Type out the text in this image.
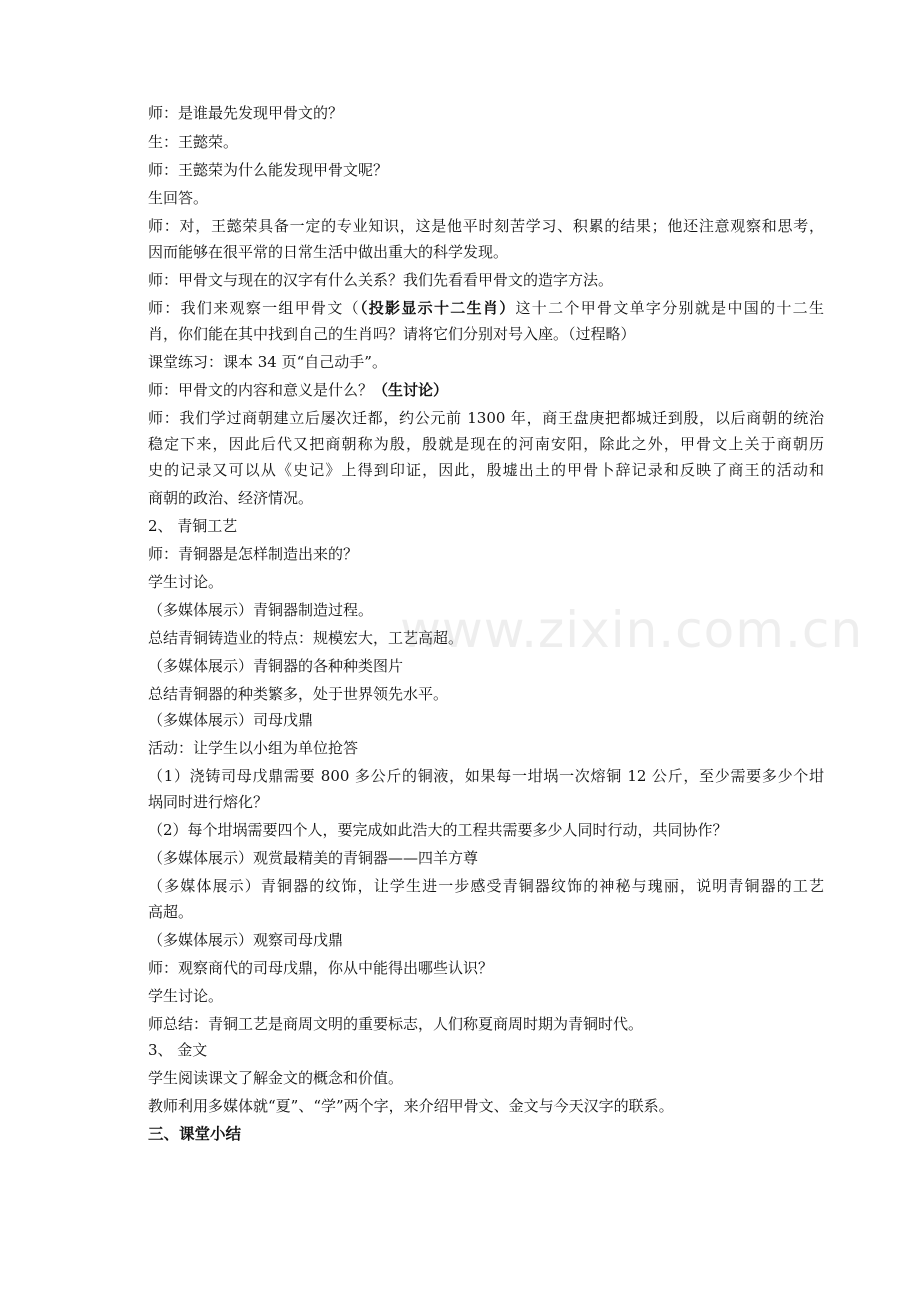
师：是谁最先发现甲骨文的？
生：王懿荣。
师：王懿荣为什么能发现甲骨文呢？
生回答。
师：对，王懿荣具备一定的专业知识，这是他平时刻苦学习、积累的结果；他还注意观察和思考，
因而能够在很平常的日常生活中做出重大的科学发现。
师：甲骨文与现在的汉字有什么关系？我们先看看甲骨文的造字方法。
师：我们来观察一组甲骨文（（投影显示十二生肖）这十二个甲骨文单字分别就是中国的十二生
肖，你们能在其中找到自己的生肖吗？请将它们分别对号入座。（过程略）
课堂练习：课本 34 页“自己动手”。
师：甲骨文的内容和意义是什么？（生讨论）
师：我们学过商朝建立后屡次迁都，约公元前 1300 年，商王盘庚把都城迁到殷，以后商朝的统治
稳定下来，因此后代又把商朝称为殷，殷就是现在的河南安阳，除此之外，甲骨文上关于商朝历
史的记录又可以从《史记》上得到印证，因此，殷墟出土的甲骨卜辞记录和反映了商王的活动和
商朝的政治、经济情况。
2、 青铜工艺
师：青铜器是怎样制造出来的？
学生讨论。
（多媒体展示）青铜器制造过程。
总结青铜铸造业的特点：规模宏大，工艺高超。
（多媒体展示）青铜器的各种种类图片
总结青铜器的种类繁多，处于世界领先水平。
（多媒体展示）司母戊鼎
活动：让学生以小组为单位抢答
（1）浇铸司母戊鼎需要 800 多公斤的铜液，如果每一坩埚一次熔铜 12 公斤，至少需要多少个坩
埚同时进行熔化？
（2）每个坩埚需要四个人，要完成如此浩大的工程共需要多少人同时行动，共同协作？
（多媒体展示）观赏最精美的青铜器——四羊方尊
（多媒体展示）青铜器的纹饰，让学生进一步感受青铜器纹饰的神秘与瑰丽，说明青铜器的工艺
高超。
（多媒体展示）观察司母戊鼎
师：观察商代的司母戊鼎，你从中能得出哪些认识？
学生讨论。
师总结：青铜工艺是商周文明的重要标志，人们称夏商周时期为青铜时代。
3、 金文
学生阅读课文了解金文的概念和价值。
教师利用多媒体就“夏”、“学”两个字，来介绍甲骨文、金文与今天汉字的联系。
三、课堂小结
www.zixin.com.cn
